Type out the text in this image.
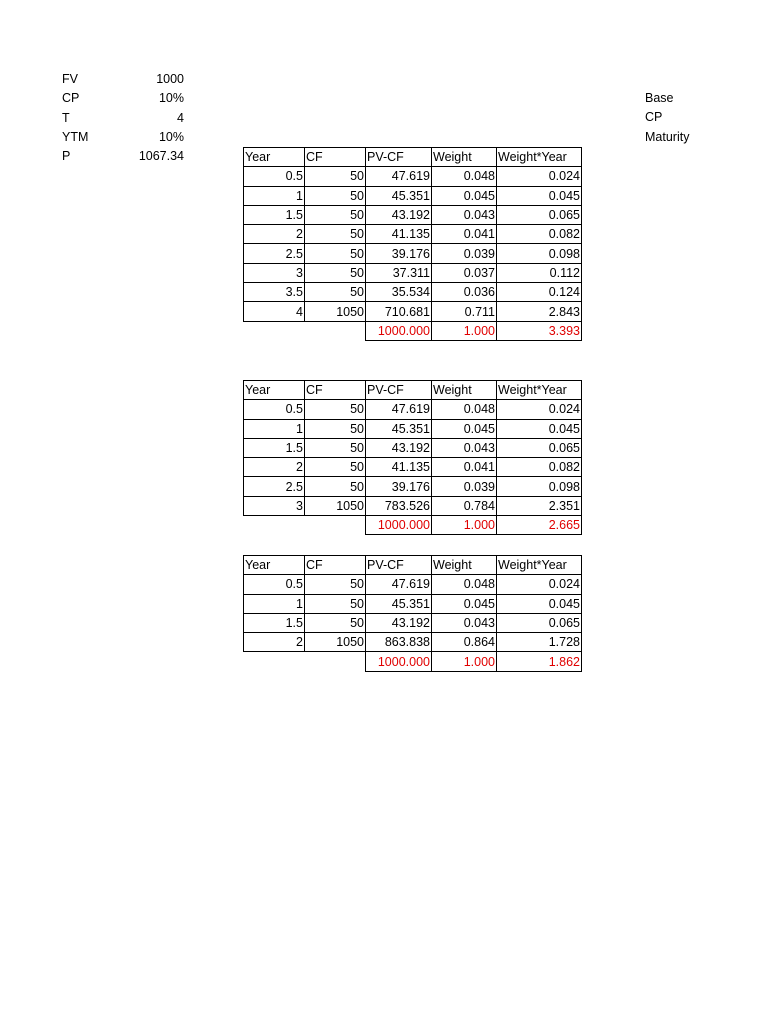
FV	1000
CP	10%
T	4
YTM	10%
P	1067.34
Base
CP
Maturity
Year	CF	PV-CF	Weight	Weight*Year
0.5	50	47.619	0.048	0.024
1	50	45.351	0.045	0.045
1.5	50	43.192	0.043	0.065
2	50	41.135	0.041	0.082
2.5	50	39.176	0.039	0.098
3	50	37.311	0.037	0.112
3.5	50	35.534	0.036	0.124
4	1050	710.681	0.711	2.843
		1000.000	1.000	3.393
Year	CF	PV-CF	Weight	Weight*Year
0.5	50	47.619	0.048	0.024
1	50	45.351	0.045	0.045
1.5	50	43.192	0.043	0.065
2	50	41.135	0.041	0.082
2.5	50	39.176	0.039	0.098
3	1050	783.526	0.784	2.351
		1000.000	1.000	2.665
Year	CF	PV-CF	Weight	Weight*Year
0.5	50	47.619	0.048	0.024
1	50	45.351	0.045	0.045
1.5	50	43.192	0.043	0.065
2	1050	863.838	0.864	1.728
		1000.000	1.000	1.862
